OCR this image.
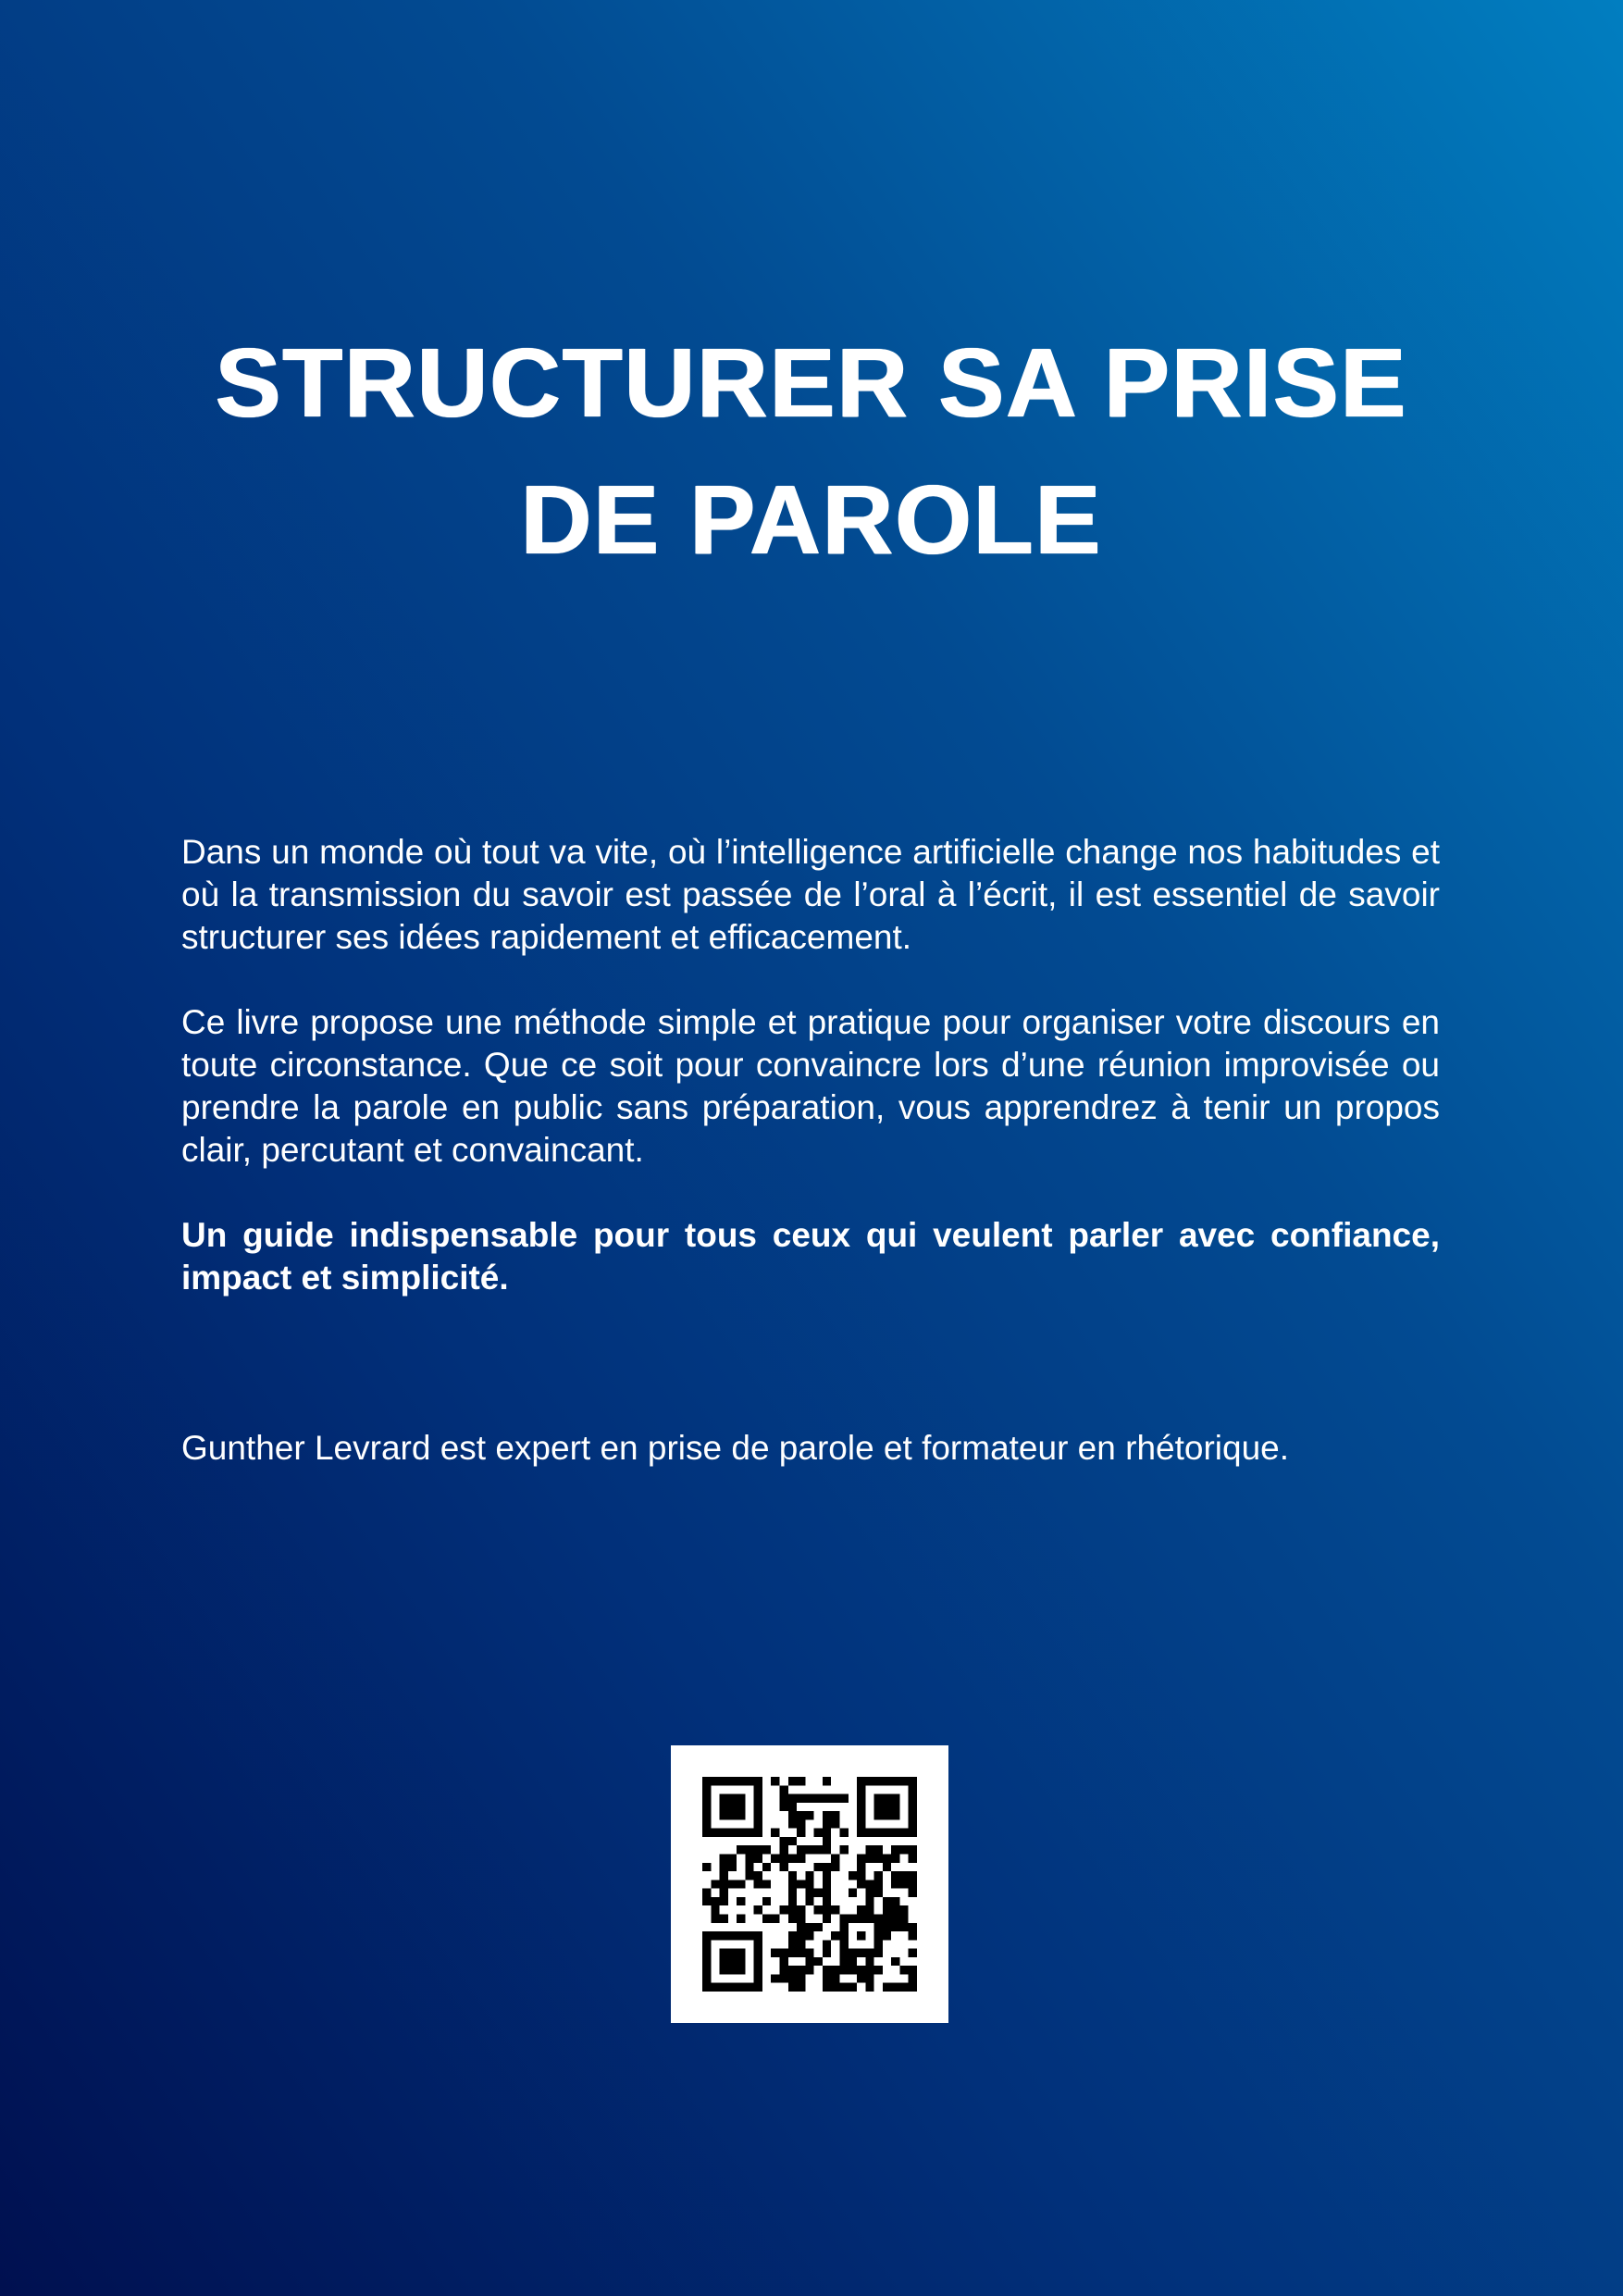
STRUCTURER SA PRISE
DE PAROLE

Dans un monde où tout va vite, où l’intelligence artificielle change nos habitudes et où la transmission du savoir est passée de l’oral à l’écrit, il est essentiel de savoir structurer ses idées rapidement et efficacement.

Ce livre propose une méthode simple et pratique pour organiser votre discours en toute circonstance. Que ce soit pour convaincre lors d’une réunion improvisée ou prendre la parole en public sans préparation, vous apprendrez à tenir un propos clair, percutant et convaincant.

Un guide indispensable pour tous ceux qui veulent parler avec confiance, impact et simplicité.

Gunther Levrard est expert en prise de parole et formateur en rhétorique.
